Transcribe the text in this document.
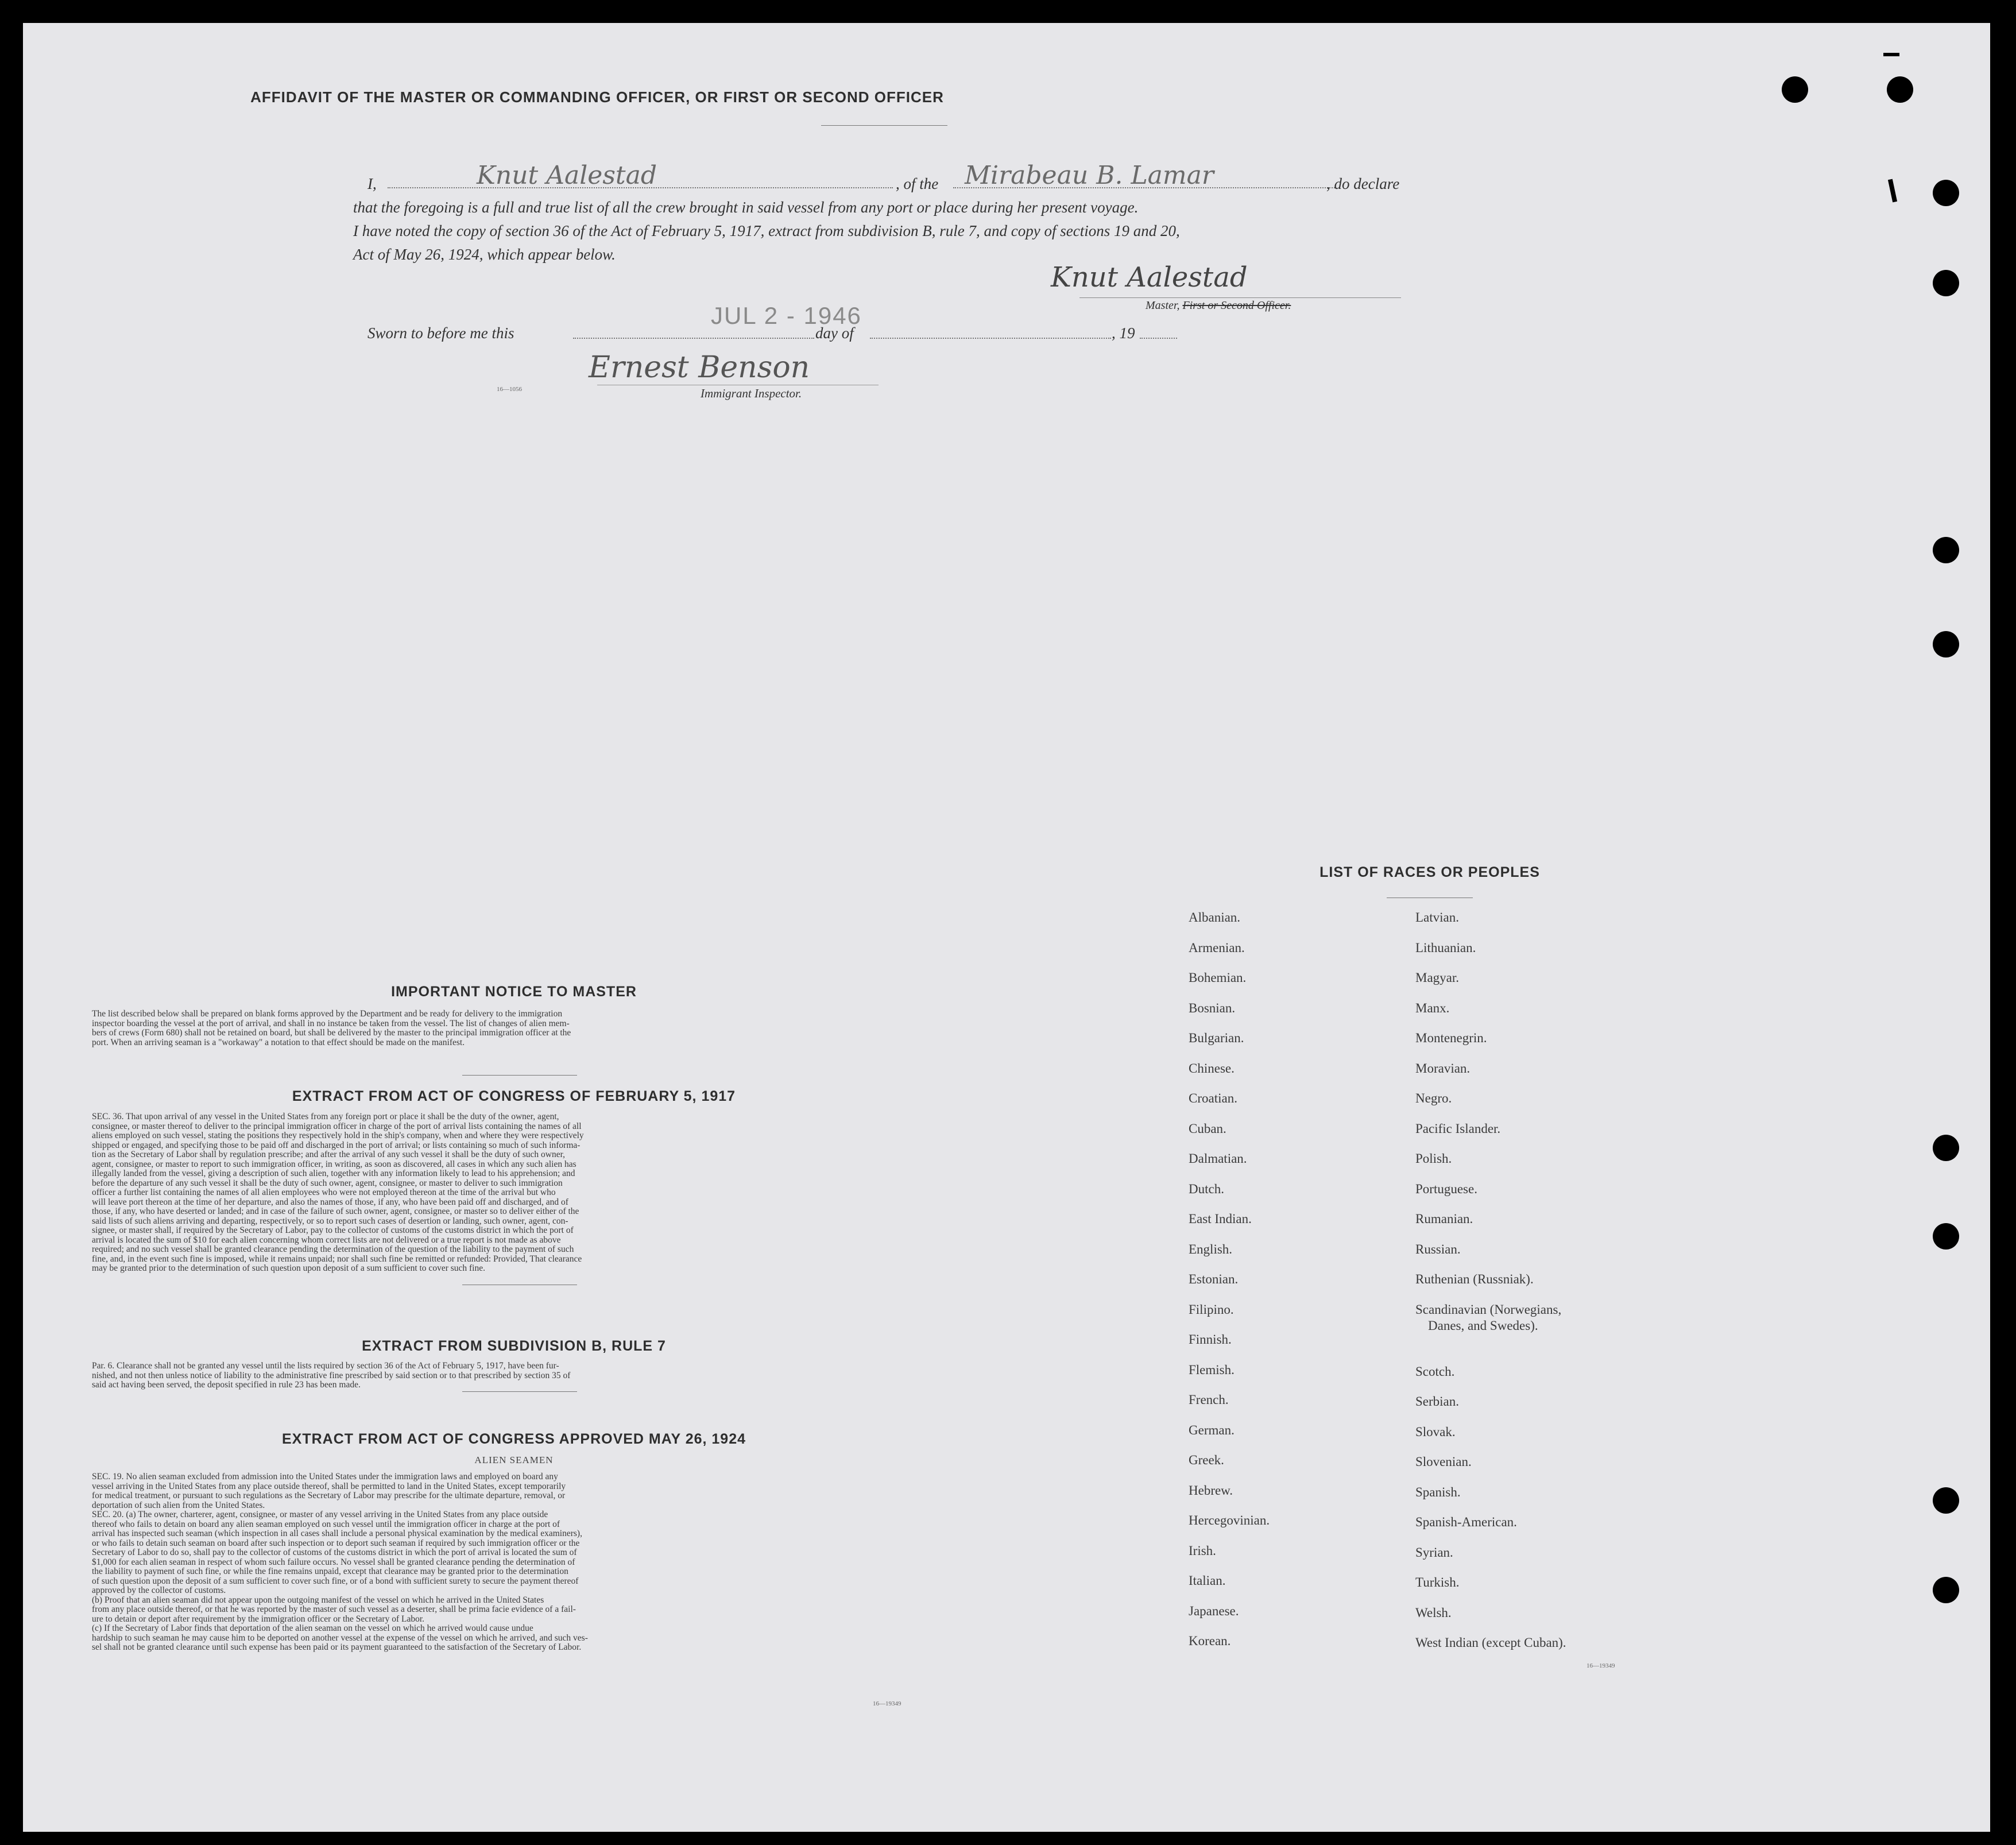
AFFIDAVIT OF THE MASTER OR COMMANDING OFFICER, OR FIRST OR SECOND OFFICER
I,	Knut Aalestad	, of the Mirabeau B. Lamar	, do declare
that the foregoing is a full and true list of all the crew brought in said vessel from any port or place during her present voyage.
I have noted the copy of section 36 of the Act of February 5, 1917, extract from subdivision B, rule 7, and copy of sections 19 and 20,
Act of May 26, 1924, which appear below.
Knut Aalestad
Master, First or Second Officer.
Sworn to before me this
JUL 2 - 1946
day of	, 19
Ernest Benson
Immigrant Inspector.
16—1056
IMPORTANT NOTICE TO MASTER
The list described below shall be prepared on blank forms approved by the Department and be ready for delivery to the immigration
inspector boarding the vessel at the port of arrival, and shall in no instance be taken from the vessel. The list of changes of alien mem-
bers of crews (Form 680) shall not be retained on board, but shall be delivered by the master to the principal immigration officer at the
port. When an arriving seaman is a "workaway" a notation to that effect should be made on the manifest.
EXTRACT FROM ACT OF CONGRESS OF FEBRUARY 5, 1917
SEC. 36. That upon arrival of any vessel in the United States from any foreign port or place it shall be the duty of the owner, agent,
consignee, or master thereof to deliver to the principal immigration officer in charge of the port of arrival lists containing the names of all
aliens employed on such vessel, stating the positions they respectively hold in the ship's company, when and where they were respectively
shipped or engaged, and specifying those to be paid off and discharged in the port of arrival; or lists containing so much of such informa-
tion as the Secretary of Labor shall by regulation prescribe; and after the arrival of any such vessel it shall be the duty of such owner,
agent, consignee, or master to report to such immigration officer, in writing, as soon as discovered, all cases in which any such alien has
illegally landed from the vessel, giving a description of such alien, together with any information likely to lead to his apprehension; and
before the departure of any such vessel it shall be the duty of such owner, agent, consignee, or master to deliver to such immigration
officer a further list containing the names of all alien employees who were not employed thereon at the time of the arrival but who
will leave port thereon at the time of her departure, and also the names of those, if any, who have been paid off and discharged, and of
those, if any, who have deserted or landed; and in case of the failure of such owner, agent, consignee, or master so to deliver either of the
said lists of such aliens arriving and departing, respectively, or so to report such cases of desertion or landing, such owner, agent, con-
signee, or master shall, if required by the Secretary of Labor, pay to the collector of customs of the customs district in which the port of
arrival is located the sum of $10 for each alien concerning whom correct lists are not delivered or a true report is not made as above
required; and no such vessel shall be granted clearance pending the determination of the question of the liability to the payment of such
fine, and, in the event such fine is imposed, while it remains unpaid; nor shall such fine be remitted or refunded: Provided, That clearance
may be granted prior to the determination of such question upon deposit of a sum sufficient to cover such fine.
EXTRACT FROM SUBDIVISION B, RULE 7
Par. 6. Clearance shall not be granted any vessel until the lists required by section 36 of the Act of February 5, 1917, have been fur-
nished, and not then unless notice of liability to the administrative fine prescribed by said section or to that prescribed by section 35 of
said act having been served, the deposit specified in rule 23 has been made.
EXTRACT FROM ACT OF CONGRESS APPROVED MAY 26, 1924
ALIEN SEAMEN
SEC. 19. No alien seaman excluded from admission into the United States under the immigration laws and employed on board any
vessel arriving in the United States from any place outside thereof, shall be permitted to land in the United States, except temporarily
for medical treatment, or pursuant to such regulations as the Secretary of Labor may prescribe for the ultimate departure, removal, or
deportation of such alien from the United States.
SEC. 20. (a) The owner, charterer, agent, consignee, or master of any vessel arriving in the United States from any place outside
thereof who fails to detain on board any alien seaman employed on such vessel until the immigration officer in charge at the port of
arrival has inspected such seaman (which inspection in all cases shall include a personal physical examination by the medical examiners),
or who fails to detain such seaman on board after such inspection or to deport such seaman if required by such immigration officer or the
Secretary of Labor to do so, shall pay to the collector of customs of the customs district in which the port of arrival is located the sum of
$1,000 for each alien seaman in respect of whom such failure occurs. No vessel shall be granted clearance pending the determination of
the liability to payment of such fine, or while the fine remains unpaid, except that clearance may be granted prior to the determination
of such question upon the deposit of a sum sufficient to cover such fine, or of a bond with sufficient surety to secure the payment thereof
approved by the collector of customs.
(b) Proof that an alien seaman did not appear upon the outgoing manifest of the vessel on which he arrived in the United States
from any place outside thereof, or that he was reported by the master of such vessel as a deserter, shall be prima facie evidence of a fail-
ure to detain or deport after requirement by the immigration officer or the Secretary of Labor.
(c) If the Secretary of Labor finds that deportation of the alien seaman on the vessel on which he arrived would cause undue
hardship to such seaman he may cause him to be deported on another vessel at the expense of the vessel on which he arrived, and such ves-
sel shall not be granted clearance until such expense has been paid or its payment guaranteed to the satisfaction of the Secretary of Labor.
16—19349
LIST OF RACES OR PEOPLES
Albanian.
Armenian.
Bohemian.
Bosnian.
Bulgarian.
Chinese.
Croatian.
Cuban.
Dalmatian.
Dutch.
East Indian.
English.
Estonian.
Filipino.
Finnish.
Flemish.
French.
German.
Greek.
Hebrew.
Hercegovinian.
Irish.
Italian.
Japanese.
Korean.
Latvian.
Lithuanian.
Magyar.
Manx.
Montenegrin.
Moravian.
Negro.
Pacific Islander.
Polish.
Portuguese.
Rumanian.
Russian.
Ruthenian (Russniak).
Scandinavian (Norwegians,
Danes, and Swedes).
Scotch.
Serbian.
Slovak.
Slovenian.
Spanish.
Spanish-American.
Syrian.
Turkish.
Welsh.
West Indian (except Cuban).
16—19349
